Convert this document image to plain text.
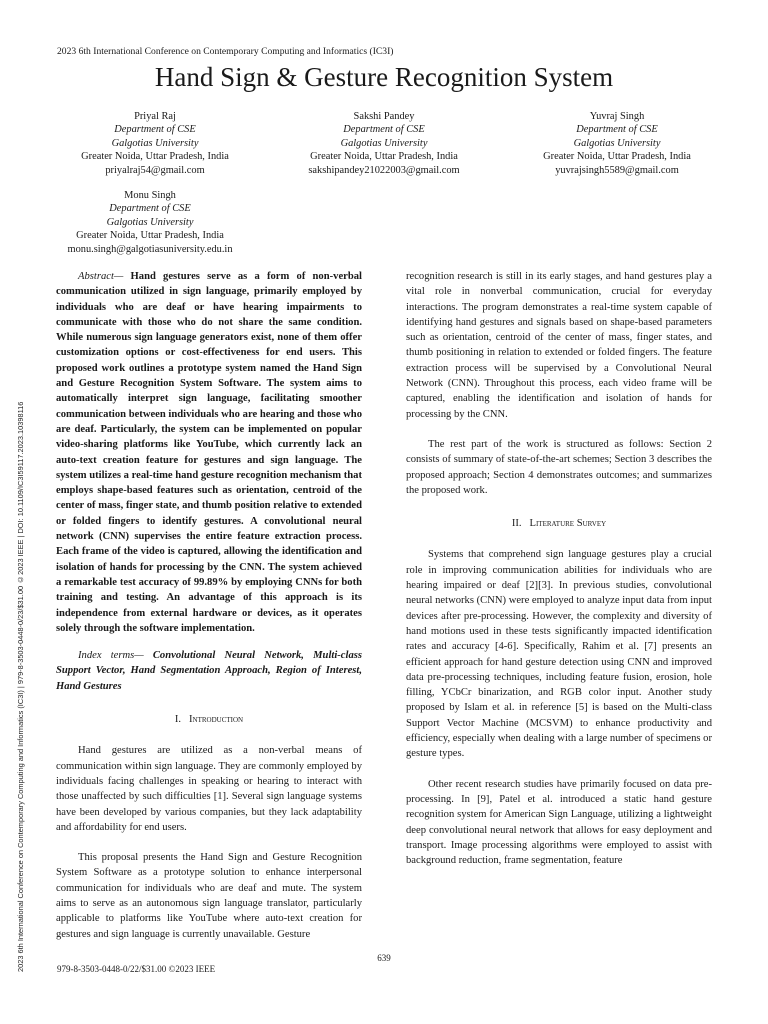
2023 6th International Conference on Contemporary Computing and Informatics (IC3I) | 979-8-3503-0448-0/23/$31.00 ©2023 IEEE | DOI: 10.1109/IC3I59117.2023.10398116
2023 6th International Conference on Contemporary Computing and Informatics (IC3I)
Hand Sign & Gesture Recognition System
Priyal Raj
Department of CSE
Galgotias University
Greater Noida, Uttar Pradesh, India
priyalraj54@gmail.com
Sakshi Pandey
Department of CSE
Galgotias University
Greater Noida, Uttar Pradesh, India
sakshipandey21022003@gmail.com
Yuvraj Singh
Department of CSE
Galgotias University
Greater Noida, Uttar Pradesh, India
yuvrajsingh5589@gmail.com
Monu Singh
Department of CSE
Galgotias University
Greater Noida, Uttar Pradesh, India
monu.singh@galgotiasuniversity.edu.in

Abstract— Hand gestures serve as a form of non-verbal communication utilized in sign language, primarily employed by individuals who are deaf or have hearing impairments to communicate with those who do not share the same condition. While numerous sign language generators exist, none of them offer customization options or cost-effectiveness for end users. This proposed work outlines a prototype system named the Hand Sign and Gesture Recognition System Software. The system aims to automatically interpret sign language, facilitating smoother communication between individuals who are hearing and those who are deaf. Particularly, the system can be implemented on popular video-sharing platforms like YouTube, which currently lack an auto-text creation feature for gestures and sign language. The system utilizes a real-time hand gesture recognition mechanism that employs shape-based features such as orientation, centroid of the center of mass, finger state, and thumb position relative to extended or folded fingers to identify gestures. A convolutional neural network (CNN) supervises the entire feature extraction process. Each frame of the video is captured, allowing the identification and isolation of hands for processing by the CNN. The system achieved a remarkable test accuracy of 99.89% by employing CNNs for both training and testing. An advantage of this approach is its independence from external hardware or devices, as it operates solely through the software implementation.

Index terms— Convolutional Neural Network, Multi-class Support Vector, Hand Segmentation Approach, Region of Interest, Hand Gestures

I. Introduction

Hand gestures are utilized as a non-verbal means of communication within sign language. They are commonly employed by individuals facing challenges in speaking or hearing to interact with those unaffected by such difficulties [1]. Several sign language systems have been developed by various companies, but they lack adaptability and affordability for end users.

This proposal presents the Hand Sign and Gesture Recognition System Software as a prototype solution to enhance interpersonal communication for individuals who are deaf and mute. The system aims to serve as an autonomous sign language translator, particularly applicable to platforms like YouTube where auto-text creation for gestures and sign language is currently unavailable. Gesture

recognition research is still in its early stages, and hand gestures play a vital role in nonverbal communication, crucial for everyday interactions. The program demonstrates a real-time system capable of identifying hand gestures and signals based on shape-based parameters such as orientation, centroid of the center of mass, finger states, and thumb positioning in relation to extended or folded fingers. The feature extraction process will be supervised by a Convolutional Neural Network (CNN). Throughout this process, each video frame will be captured, enabling the identification and isolation of hands for processing by the CNN.

The rest part of the work is structured as follows: Section 2 consists of summary of state-of-the-art schemes; Section 3 describes the proposed approach; Section 4 demonstrates outcomes; and summarizes the proposed work.

II. Literature Survey

Systems that comprehend sign language gestures play a crucial role in improving communication abilities for individuals who are hearing impaired or deaf [2][3]. In previous studies, convolutional neural networks (CNN) were employed to analyze input data from input devices after pre-processing. However, the complexity and diversity of hand motions used in these tests significantly impacted identification rates and accuracy [4-6]. Specifically, Rahim et al. [7] presents an efficient approach for hand gesture detection using CNN and improved data pre-processing techniques, including feature fusion, erosion, hole filling, YCbCr binarization, and RGB color input. Another study proposed by Islam et al. in reference [5] is based on the Multi-class Support Vector Machine (MCSVM) to enhance productivity and efficiency, especially when dealing with a large number of specimens or gesture types.

Other recent research studies have primarily focused on data pre-processing. In [9], Patel et al. introduced a static hand gesture recognition system for American Sign Language, utilizing a lightweight deep convolutional neural network that allows for easy deployment and transport. Image processing algorithms were employed to assist with background reduction, frame segmentation, feature

639
979-8-3503-0448-0/22/$31.00 ©2023 IEEE
